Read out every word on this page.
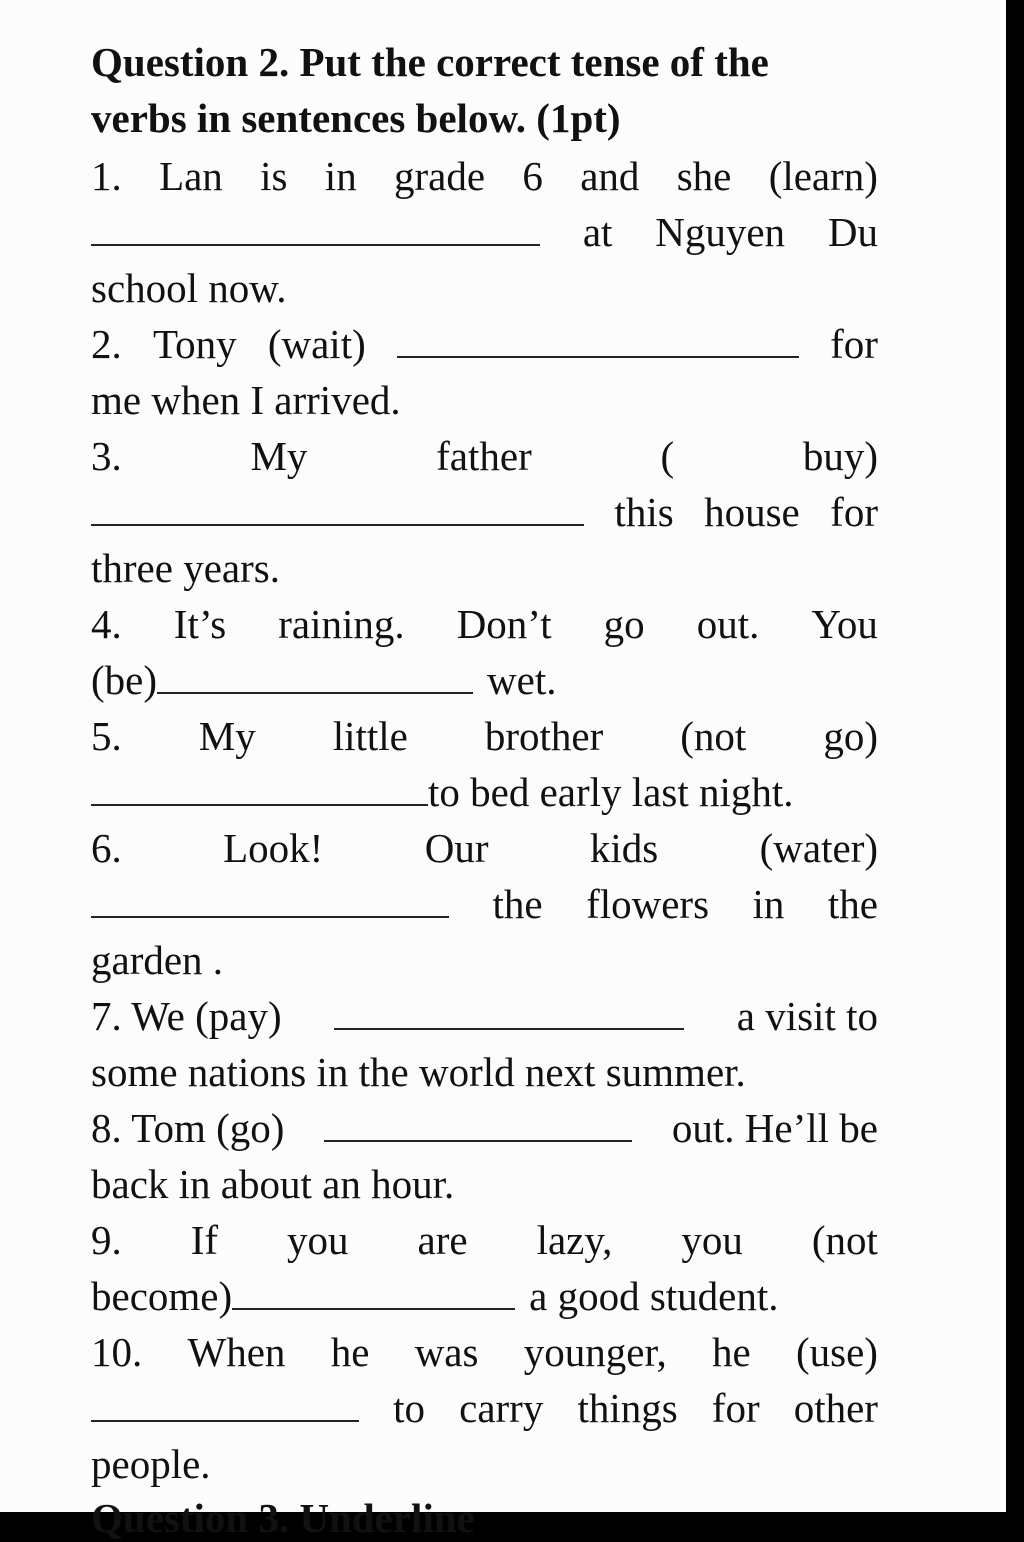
Question 2. Put the correct tense of the
verbs in sentences below. (1pt)
1. Lan is in grade 6 and she (learn)
at Nguyen Du
school now.
2. Tony (wait)	for
me when I arrived.
3.	My	father	(	buy)
this house for
three years.
4. It’s raining. Don’t go out. You
(be)	wet.
5. My little brother (not go)
to bed early last night.
6. Look! Our kids (water)
the flowers in the
garden .
7. We (pay)	a visit to
some nations in the world next summer.
8. Tom (go)	out. He’ll be
back in about an hour.
9. If you are lazy, you (not
become)	a good student.
10. When he was younger, he (use)
to carry things for other
people.
Question 3. Underline
